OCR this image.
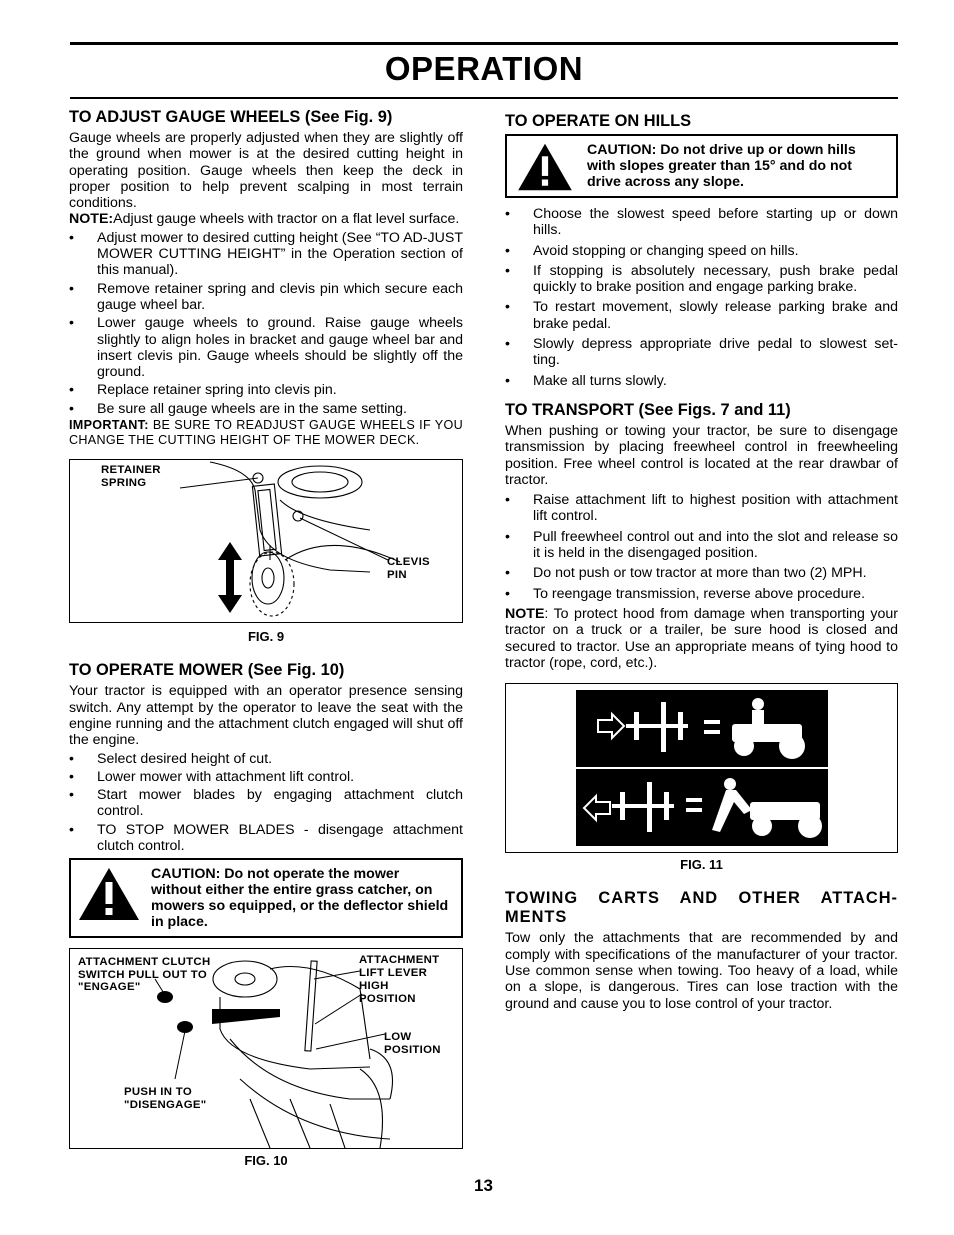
OPERATION
TO ADJUST GAUGE WHEELS (See Fig. 9)

Gauge wheels are properly adjusted when they are slightly off the ground when mower is at the desired cutting height in operating position. Gauge wheels then keep the deck in proper position to help prevent scalping in most terrain conditions.

NOTE:Adjust gauge wheels with tractor on a flat level surface.

•	Adjust mower to desired cutting height (See “TO AD-JUST MOWER CUTTING HEIGHT” in the Operation section of this manual).
•	Remove retainer spring and clevis pin which secure each gauge wheel bar.
•	Lower gauge wheels to ground. Raise gauge wheels slightly to align holes in bracket and gauge wheel bar and insert clevis pin. Gauge wheels should be slightly off the ground.
•	Replace retainer spring into clevis pin.
•	Be sure all gauge wheels are in the same setting.

IMPORTANT: BE SURE TO READJUST GAUGE WHEELS IF YOU CHANGE THE CUTTING HEIGHT OF THE MOWER DECK.

RETAINER
SPRING
CLEVIS
PIN
FIG. 9
TO OPERATE MOWER (See Fig. 10)

Your tractor is equipped with an operator presence sensing switch. Any attempt by the operator to leave the seat with the engine running and the attachment clutch engaged will shut off the engine.

•	Select desired height of cut.
•	Lower mower with attachment lift control.
•	Start mower blades by engaging attachment clutch control.
•	TO STOP MOWER BLADES - disengage attachment clutch control.
CAUTION: Do not operate the mower without either the entire grass catcher, on mowers so equipped, or the deflector shield in place.
ATTACHMENT CLUTCH
SWITCH PULL OUT TO
"ENGAGE"
PUSH IN TO
"DISENGAGE"
ATTACHMENT
LIFT LEVER
HIGH
POSITION
LOW
POSITION
FIG. 10
TO OPERATE ON HILLS
CAUTION: Do not drive up or down hills with slopes greater than 15° and do not drive across any slope.
•	Choose the slowest speed before starting up or down hills.
•	Avoid stopping or changing speed on hills.
•	If stopping is absolutely necessary, push brake pedal quickly to brake position and engage parking brake.
•	To restart movement, slowly release parking brake and brake pedal.
•	Slowly depress appropriate drive pedal to slowest set-ting.
•	Make all turns slowly.
TO TRANSPORT (See Figs. 7 and 11)

When pushing or towing your tractor, be sure to disengage transmission by placing freewheel control in freewheeling position. Free wheel control is located at the rear drawbar of tractor.

•	Raise attachment lift to highest position with attachment lift control.
•	Pull freewheel control out and into the slot and release so it is held in the disengaged position.
•	Do not push or tow tractor at more than two (2) MPH.
•	To reengage transmission, reverse above procedure.

NOTE: To protect hood from damage when transporting your tractor on a truck or a trailer, be sure hood is closed and secured to tractor. Use an appropriate means of tying hood to tractor (rope, cord, etc.).

FIG. 11
TOWING CARTS AND OTHER ATTACH-MENTS

Tow only the attachments that are recommended by and comply with specifications of the manufacturer of your tractor. Use common sense when towing. Too heavy of a load, while on a slope, is dangerous. Tires can lose traction with the ground and cause you to lose control of your tractor.

13
